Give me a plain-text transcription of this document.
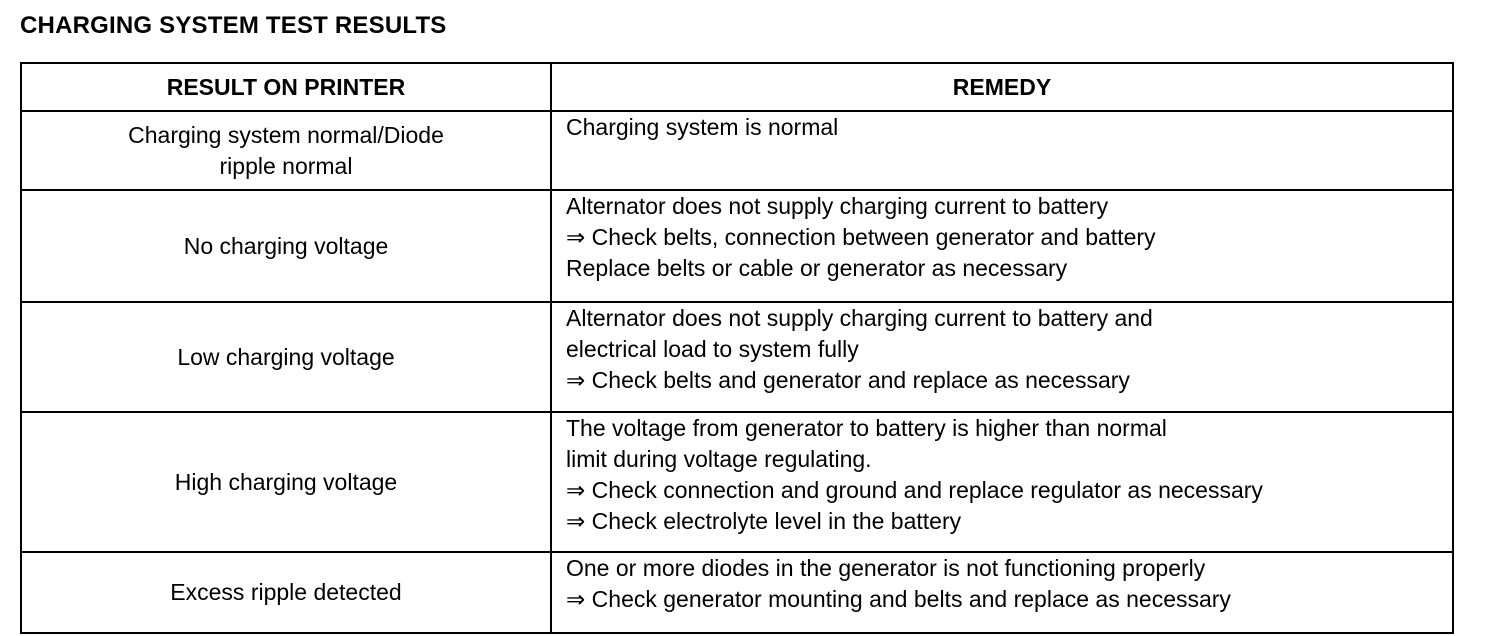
CHARGING SYSTEM TEST RESULTS
RESULT ON PRINTER	REMEDY

Charging system normal/Diode
ripple normal	Charging system is normal

No charging voltage	Alternator does not supply charging current to battery
⇒ Check belts, connection between generator and battery
Replace belts or cable or generator as necessary

Low charging voltage	Alternator does not supply charging current to battery and
electrical load to system fully
⇒ Check belts and generator and replace as necessary

High charging voltage	The voltage from generator to battery is higher than normal
limit during voltage regulating.
⇒ Check connection and ground and replace regulator as necessary
⇒ Check electrolyte level in the battery

Excess ripple detected	One or more diodes in the generator is not functioning properly
⇒ Check generator mounting and belts and replace as necessary
